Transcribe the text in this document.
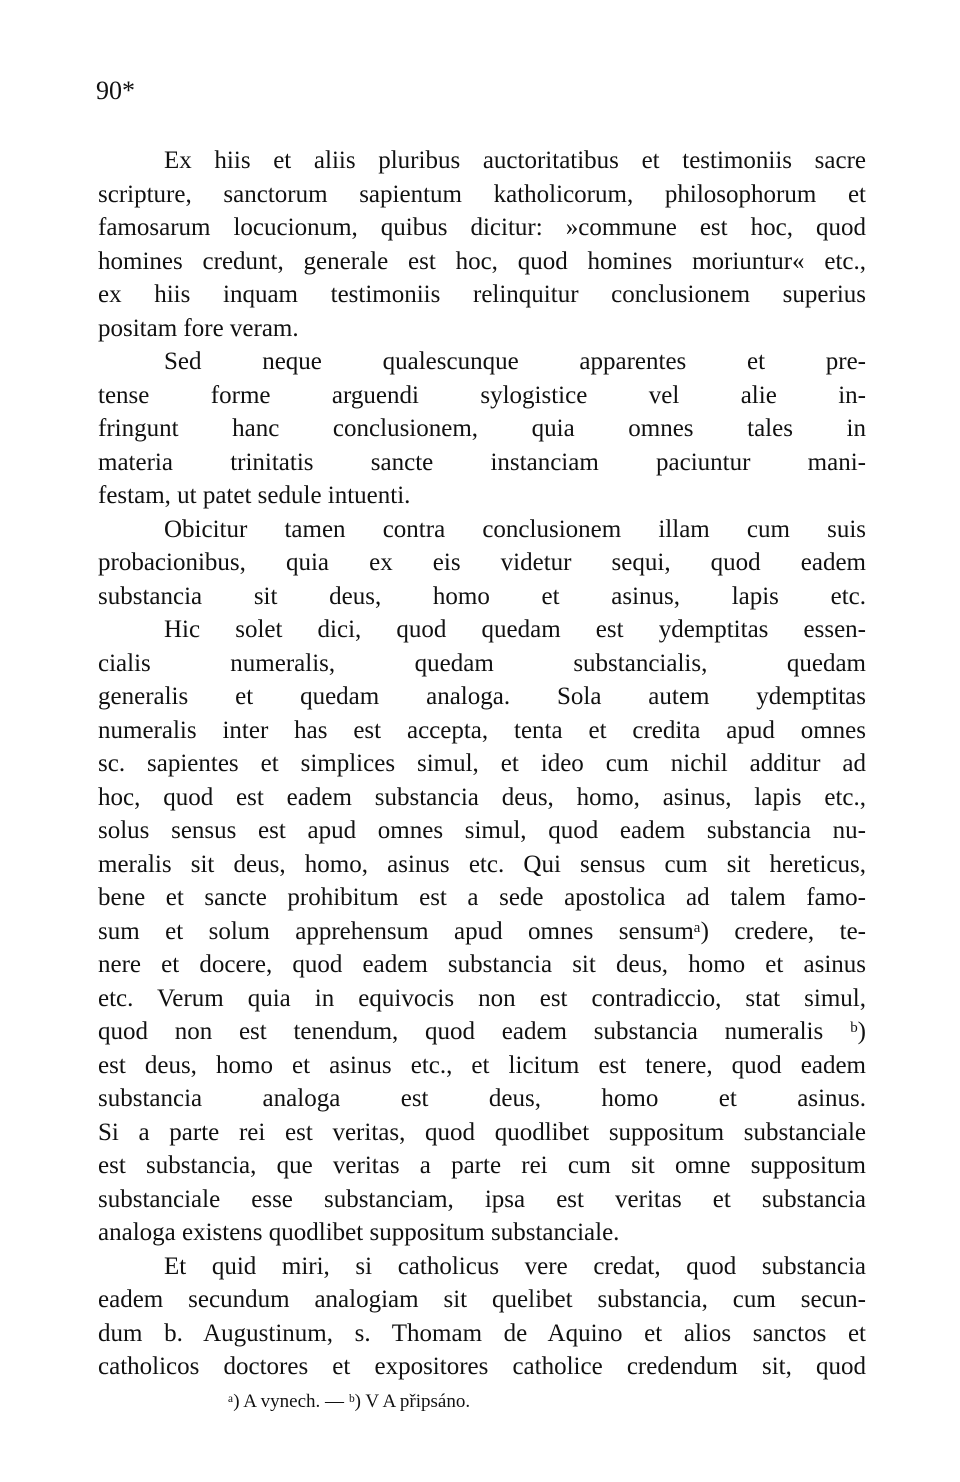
90*
Ex hiis et aliis pluribus auctoritatibus et testimoniis sacre
scripture, sanctorum sapientum katholicorum, philosophorum et
famosarum locucionum, quibus dicitur: »commune est hoc, quod
homines credunt, generale est hoc, quod homines moriuntur« etc.,
ex hiis inquam testimoniis relinquitur conclusionem superius
positam fore veram.
Sed neque qualescunque apparentes et pre-
tense forme arguendi sylogistice vel alie in-
fringunt hanc conclusionem, quia omnes tales in
materia trinitatis sancte instanciam paciuntur mani-
festam, ut patet sedule intuenti.
Obicitur tamen contra conclusionem illam cum suis
probacionibus, quia ex eis videtur sequi, quod eadem
substancia sit deus, homo et asinus, lapis etc.
Hic solet dici, quod quedam est ydemptitas essen-
cialis numeralis, quedam substancialis, quedam
generalis et quedam analoga. Sola autem ydemptitas
numeralis inter has est accepta, tenta et credita apud omnes
sc. sapientes et simplices simul, et ideo cum nichil additur ad
hoc, quod est eadem substancia deus, homo, asinus, lapis etc.,
solus sensus est apud omnes simul, quod eadem substancia nu-
meralis sit deus, homo, asinus etc. Qui sensus cum sit hereticus,
bene et sancte prohibitum est a sede apostolica ad talem famo-
sum et solum apprehensum apud omnes sensumᵃ) credere, te-
nere et docere, quod eadem substancia sit deus, homo et asinus
etc. Verum quia in equivocis non est contradiccio, stat simul,
quod non est tenendum, quod eadem substancia numeralis ᵇ)
est deus, homo et asinus etc., et licitum est tenere, quod eadem
substancia analoga est deus, homo et asinus.
Si a parte rei est veritas, quod quodlibet suppositum substanciale
est substancia, que veritas a parte rei cum sit omne suppositum
substanciale esse substanciam, ipsa est veritas et substancia
analoga existens quodlibet suppositum substanciale.
Et quid miri, si catholicus vere credat, quod substancia
eadem secundum analogiam sit quelibet substancia, cum secun-
dum b. Augustinum, s. Thomam de Aquino et alios sanctos et
catholicos doctores et expositores catholice credendum sit, quod
ᵃ) A vynech. — ᵇ) V A připsáno.
